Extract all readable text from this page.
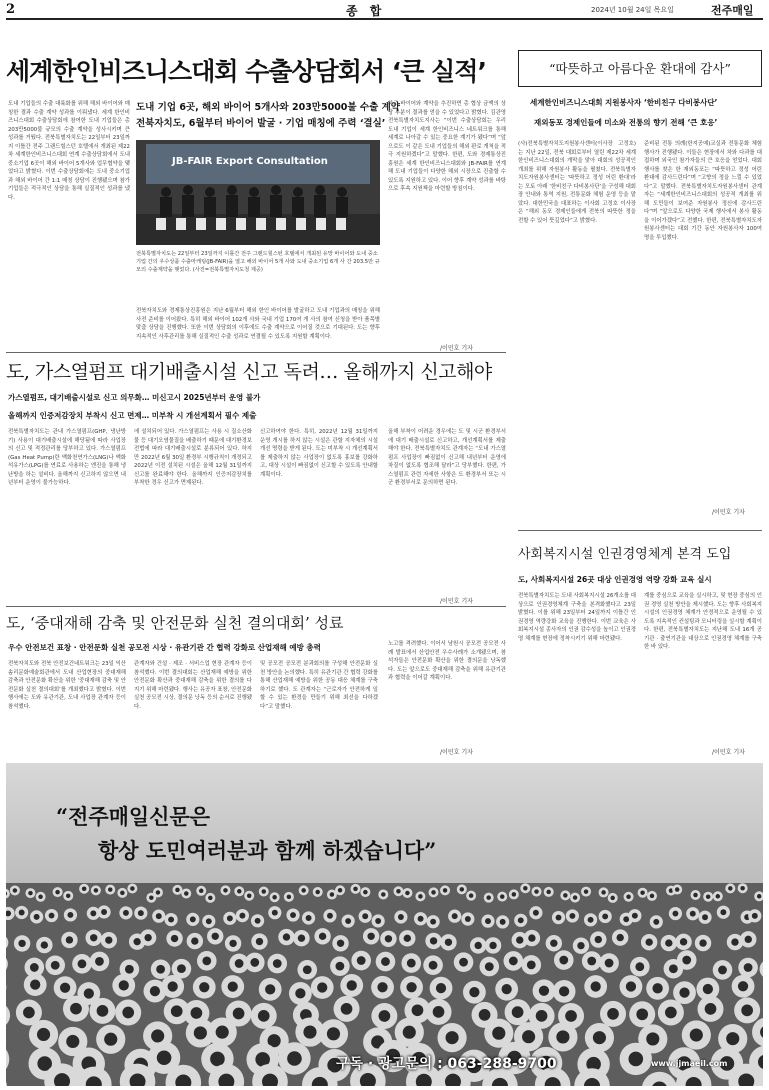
2	종 합	2024년 10월 24일 목요일	전주매일
세계한인비즈니스대회 수출상담회서 ‘큰 실적’
도내 기업 6곳, 해외 바이어 5개사와 203만5000불 수출 계약
전북자치도, 6월부터 바이어 발굴 · 기업 매칭에 주력 ‘결실’
도내 기업들의 수출 대륙화를 위해 해외 바이어와 매칭한 결과 수출 계약 성과를 이뤄냈다. 세계 한인비즈니스대회 수출상담회에 참여한 도내 기업들은 총 203만5000불 규모의 수출 계약을 성사시키며 큰 성과를 거뒀다. 전북특별자치도는 22일부터 23일까지 이틀간 전주 그랜드힐스턴 호텔에서 개최된 제22차 세계한인비즈니스대회 연계 수출상담회에서 도내 중소기업 6곳이 해외 바이어 5개사와 업무협약을 맺었다고 밝혔다. 이번 수출상담회에는 도내 중소기업과 해외 바이어 간 1:1 매칭 상담이 진행됐으며 참가 기업들은 적극적인 상담을 통해 실질적인 성과를 냈다.
JB-FAIR Export Consultation
전북특별자치도는 22일부터 23일까지 이틀간 전주 그랜드힐스턴 호텔에서 개최된 유망 바이어와 도내 중소기업 간의 우수상품 수출마케팅(JB-FAIR)을 열고 해외 바이어 5개 사와 도내 중소기업 6개 사 간 203.5만 규모의 수출계약을 맺었다. (사진=전북특별자치도청 제공)
전북자치도와 경제통상진흥원은 지난 6월부터 해외 한인 바이어를 발굴하고 도내 기업과의 매칭을 위해 사전 준비를 이어왔다. 특히 해외 바이어 102개 사와 국내 기업 170여 개 사의 참여 신청을 받아 품목별 맞춤 상담을 진행했다. 또한 이번 상담회의 이후에도 수출 계약으로 이어질 것으로 기대된다. 도는 향후 지속적인 사후관리를 통해 실질적인 수출 성과로 연결될 수 있도록 지원할 계획이다.
하고 바이어와 계약을 추진하면 총 협상 금액의 상당 부분이 결과를 얻을 수 있었다고 밝혔다. 김관영 전북특별자치도지사는 “이번 수출상담회는 우리 도내 기업이 세계 한인비즈니스 네트워크를 통해 세계로 나아갈 수 있는 중요한 계기가 됐다”며 “앞으로도 이 같은 도내 기업들의 해외 판로 개척을 적극 지원하겠다”고 말했다. 한편, 도와 경제통상진흥원은 세계 한인비즈니스대회와 JB-FAIR를 연계해 도내 기업들이 다양한 해외 시장으로 진출할 수 있도록 지원하고 있다. 이어 향후 계약 성과를 바탕으로 후속 지원책을 마련할 방침이다.
/이민호 기자
“따뜻하고 아름다운 환대에 감사”
세계한인비즈니스대회 지원봉사자 ‘한비친구 다비봉사단’
재외동포 경제인들에 미소와 전통의 향기 전해 ‘큰 호응’
(사)전북특별자치도지원봉사센터(이사장 고정호)는 지난 22일, 전북 대회로부터 열린 제22차 세계한인비즈니스대회의 개막을 맞아 대회의 성공적인 개최를 위해 자원봉사 활동을 펼쳤다. 전북특별자치도자원봉사센터는 ‘따뜻하고 정성 어린 환대’라는 모토 아래 ‘한비친구 다비봉사단’을 구성해 대회장 안내와 통역 지원, 전통문화 체험 운영 등을 맡았다. 대한민국을 대표하는 이사회 고정호 이사장은 “해외 동포 경제인들에게 전북의 따뜻한 정을 전할 수 있어 뜻깊었다”고 밝혔다.
준비된 전통 의례(한지공예)교실과 전통문화 체험행사가 진행됐다. 이들은 현장에서 차와 다과를 대접하며 외국인 참가자들의 큰 호응을 얻었다. 대회 행사를 찾은 한 재외동포는 “따뜻하고 정성 어린 환대에 감사드린다”며 “고향의 정을 느낄 수 있었다”고 말했다. 전북특별자치도자원봉사센터 관계자는 “세계한인비즈니스대회의 성공적 개최를 위해 도민들이 보여준 자원봉사 정신에 감사드린다”며 “앞으로도 다양한 국제 행사에서 봉사 활동을 이어가겠다”고 전했다. 한편, 전북특별자치도자원봉사센터는 대회 기간 동안 자원봉사자 100여 명을 투입했다.
/이민호 기자
도, 가스열펌프 대기배출시설 신고 독려… 올해까지 신고해야
가스열펌프, 대기배출시설로 신고 의무화… 미신고시 2025년부터 운영 불가
올해까지 인증저감장치 부착시 신고 면제… 미부착 시 개선계획서 필수 제출
전북특별자치도는 관내 가스열펌프(GHP, 냉난방기) 사용이 대기배출시설에 해당됨에 따라 사업장의 신고 및 적정관리를 당부하고 있다. 가스열펌프(Gas Heat Pump)란 액화천연가스(LNG)나 액화석유가스(LPG)를 연료로 사용하는 엔진을 통해 냉난방을 하는 설비다. 올해까지 신고하지 않으면 내년부터 운영이 불가능하다.
에 설치되어 있다. 가스열펌프는 사용 시 질소산화물 등 대기오염물질을 배출하기 때문에 대기환경보전법에 따라 대기배출시설로 분류되어 있다. 하지만 2022년 6월 30일 환경부 시행규칙이 개정되고 2022년 이전 설치된 시설은 올해 12월 31일까지 신고를 완료해야 한다. 올해까지 인증저감장치를 부착한 경우 신고가 면제된다.
신고하여야 한다. 특히, 2022년 12월 31일까지 운영 개시를 하지 않는 시설은 관할 지자체의 시설 개선 명령을 받게 된다. 도는 미부착 시 개선계획서를 제출하지 않는 사업장이 없도록 홍보를 강화하고, 대상 시설이 빠짐없이 신고할 수 있도록 안내할 계획이다.
올해 부착이 어려운 경우에는 도 및 시군 환경부서에 대기 배출시설로 신고하고, 개선계획서를 제출해야 한다. 전북특별자치도 관계자는 “도내 가스열펌프 사업장이 빠짐없이 신고해 내년부터 운영에 차질이 없도록 협조해 달라”고 당부했다. 한편, 가스열펌프 관련 자세한 사항은 도 환경부서 또는 시군 환경부서로 문의하면 된다.
/이민호 기자
도, ‘중대재해 감축 및 안전문화 실천 결의대회’ 성료
우수 안전보건 표창 · 안전문화 실천 공모전 시상 · 유관기관 간 협력 강화로 산업재해 예방 총력
전북자치도와 전북 안전보건네트워크는 23일 익산 솜리문화예술회관에서 도내 산업현장의 중대재해 감축과 안전문화 확산을 위한 ‘중대재해 감축 및 안전문화 실천 결의대회’를 개최했다고 밝혔다. 이번 행사에는 도와 유관기관, 도내 사업장 관계자 등이 참석했다.
관계자와 건설 · 제조 · 서비스업 현장 관계자 등이 참석했다. 이번 결의대회는 산업재해 예방을 위한 안전문화 확산과 중대재해 감축을 위한 결의를 다지기 위해 마련됐다. 행사는 유공자 표창, 안전문화 실천 공모전 시상, 결의문 낭독 등의 순서로 진행됐다.
및 공모전 공모전 분과회의를 구성해 안전문화 실천 방안을 논의했다. 특히 유관기관 간 협력 강화를 통해 산업재해 예방을 위한 공동 대응 체계를 구축하기로 했다. 도 관계자는 “근로자가 안전하게 일할 수 있는 환경을 만들기 위해 최선을 다하겠다”고 말했다.
노고를 격려했다. 이어서 남원시 공모전 공모전 사례 발표에서 산업안전 우수사례가 소개됐으며, 참석자들은 안전문화 확산을 위한 결의문을 낭독했다. 도는 앞으로도 중대재해 감축을 위해 유관기관과 협력을 이어갈 계획이다.
/이민호 기자
사회복지시설 인권경영체계 본격 도입
도, 사회복지시설 26곳 대상 인권경영 역량 강화 교육 실시
전북특별자치도는 도내 사회복지시설 26개소를 대상으로 인권경영체계 구축을 본격화했다고 23일 밝혔다. 이를 위해 23일부터 24일까지 이틀간 인권경영 역량강화 교육을 진행한다. 이번 교육은 사회복지시설 종사자의 인권 감수성을 높이고 인권경영 체계를 현장에 정착시키기 위해 마련됐다.
계를 중심으로 교육을 실시하고, 및 현장 중심의 인권 경영 실천 방안을 제시했다. 도는 향후 사회복지시설의 인권경영 체계가 안정적으로 운영될 수 있도록 지속적인 컨설팅과 모니터링을 실시할 계획이다. 한편, 전북특별자치도는 지난해 도내 16개 공기관 · 출연기관을 대상으로 인권경영 체계를 구축한 바 있다.
/이민호 기자
“전주매일신문은
항상 도민여러분과 함께 하겠습니다”
구독 · 광고문의 : 063-288-9700	www.jjmaeil.com
